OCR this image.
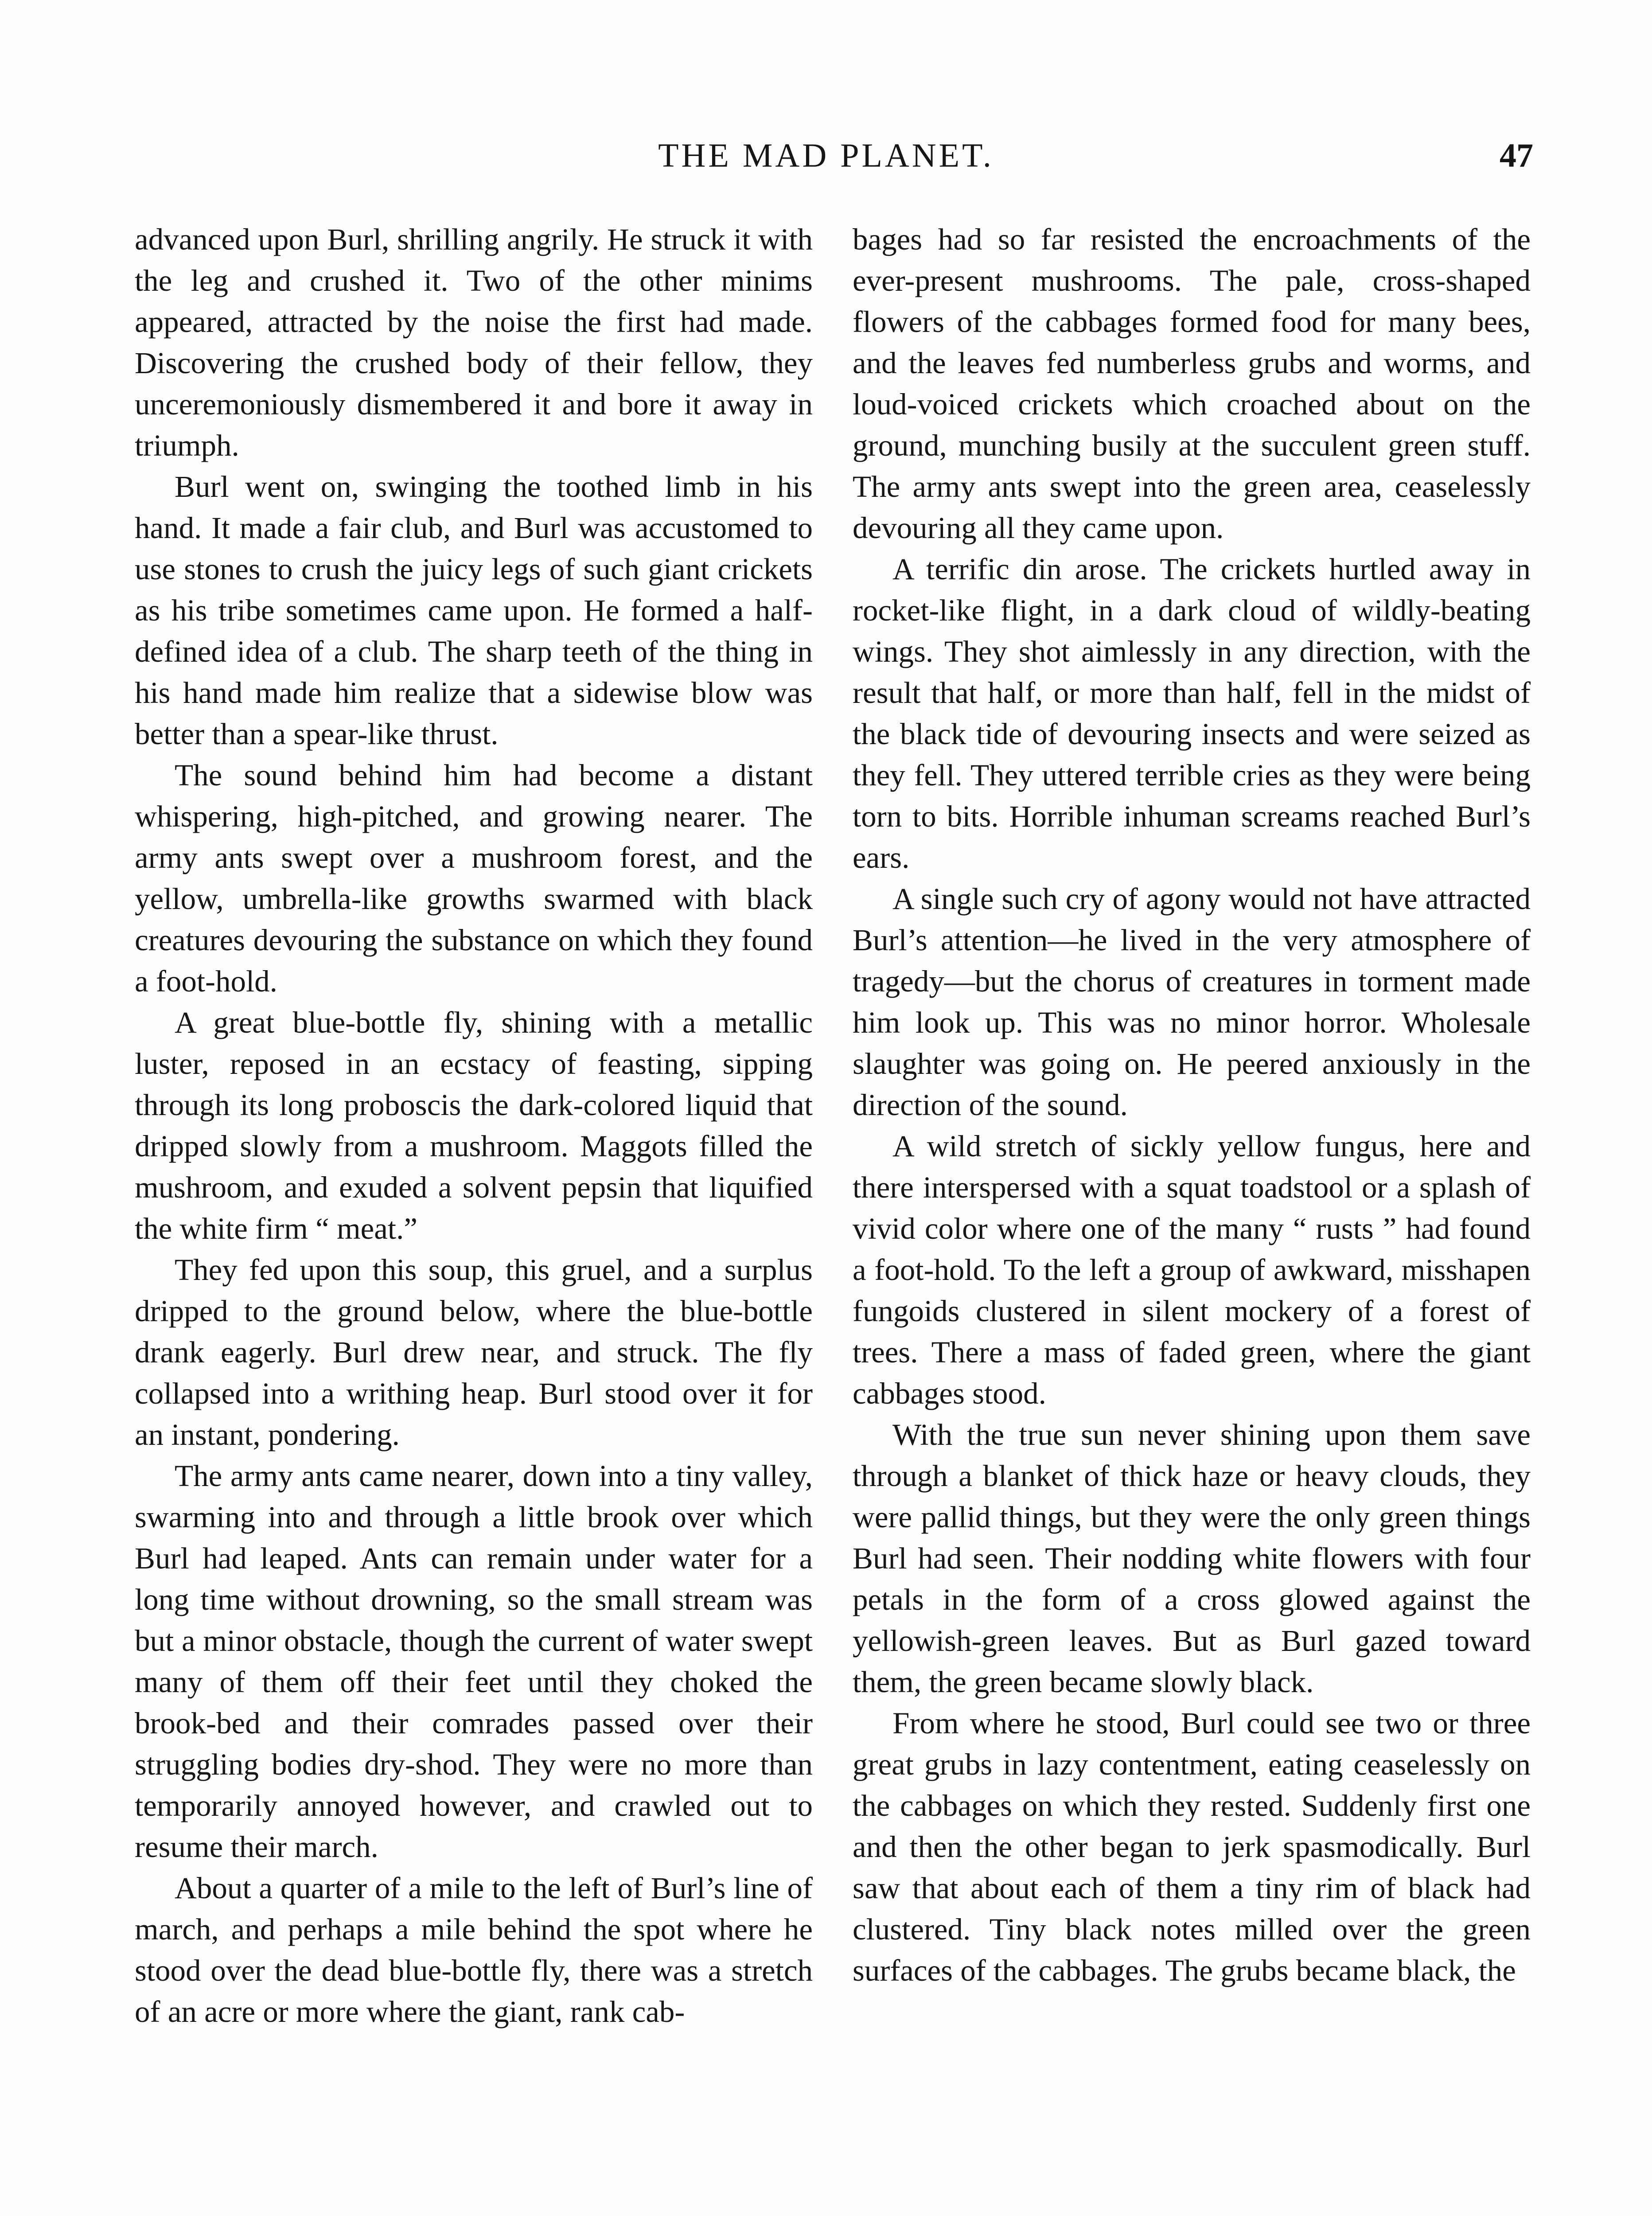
THE MAD PLANET.	47

advanced upon Burl, shrilling angrily. He struck it with the leg and crushed it. Two of the other minims appeared, attracted by the noise the first had made. Discovering the crushed body of their fellow, they unceremoniously dismembered it and bore it away in triumph.

Burl went on, swinging the toothed limb in his hand. It made a fair club, and Burl was accustomed to use stones to crush the juicy legs of such giant crickets as his tribe sometimes came upon. He formed a half-defined idea of a club. The sharp teeth of the thing in his hand made him realize that a sidewise blow was better than a spear-like thrust.

The sound behind him had become a distant whispering, high-pitched, and growing nearer. The army ants swept over a mushroom forest, and the yellow, umbrella-like growths swarmed with black creatures devouring the substance on which they found a foot-hold.

A great blue-bottle fly, shining with a metallic luster, reposed in an ecstacy of feasting, sipping through its long proboscis the dark-colored liquid that dripped slowly from a mushroom. Maggots filled the mushroom, and exuded a solvent pepsin that liquified the white firm “ meat.”

They fed upon this soup, this gruel, and a surplus dripped to the ground below, where the blue-bottle drank eagerly. Burl drew near, and struck. The fly collapsed into a writhing heap. Burl stood over it for an instant, pondering.

The army ants came nearer, down into a tiny valley, swarming into and through a little brook over which Burl had leaped. Ants can remain under water for a long time without drowning, so the small stream was but a minor obstacle, though the current of water swept many of them off their feet until they choked the brook-bed and their comrades passed over their struggling bodies dry-shod. They were no more than temporarily annoyed however, and crawled out to resume their march.

About a quarter of a mile to the left of Burl’s line of march, and perhaps a mile behind the spot where he stood over the dead blue-bottle fly, there was a stretch of an acre or more where the giant, rank cab-

bages had so far resisted the encroachments of the ever-present mushrooms. The pale, cross-shaped flowers of the cabbages formed food for many bees, and the leaves fed numberless grubs and worms, and loud-voiced crickets which croached about on the ground, munching busily at the succulent green stuff. The army ants swept into the green area, ceaselessly devouring all they came upon.

A terrific din arose. The crickets hurtled away in rocket-like flight, in a dark cloud of wildly-beating wings. They shot aimlessly in any direction, with the result that half, or more than half, fell in the midst of the black tide of devouring insects and were seized as they fell. They uttered terrible cries as they were being torn to bits. Horrible inhuman screams reached Burl’s ears.

A single such cry of agony would not have attracted Burl’s attention—he lived in the very atmosphere of tragedy—but the chorus of creatures in torment made him look up. This was no minor horror. Wholesale slaughter was going on. He peered anxiously in the direction of the sound.

A wild stretch of sickly yellow fungus, here and there interspersed with a squat toadstool or a splash of vivid color where one of the many “ rusts ” had found a foot-hold. To the left a group of awkward, misshapen fungoids clustered in silent mockery of a forest of trees. There a mass of faded green, where the giant cabbages stood.

With the true sun never shining upon them save through a blanket of thick haze or heavy clouds, they were pallid things, but they were the only green things Burl had seen. Their nodding white flowers with four petals in the form of a cross glowed against the yellowish-green leaves. But as Burl gazed toward them, the green became slowly black.

From where he stood, Burl could see two or three great grubs in lazy contentment, eating ceaselessly on the cabbages on which they rested. Suddenly first one and then the other began to jerk spasmodically. Burl saw that about each of them a tiny rim of black had clustered. Tiny black notes milled over the green surfaces of the cabbages. The grubs became black, the
